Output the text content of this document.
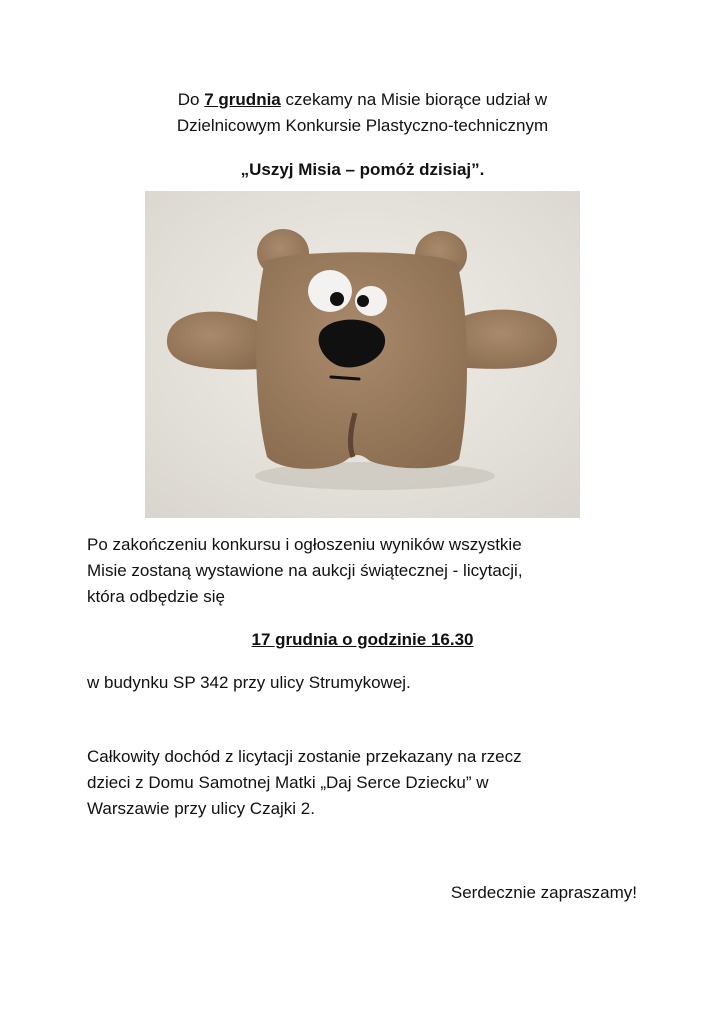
Do 7 grudnia czekamy na Misie biorące udział w
Dzielnicowym Konkursie Plastyczno-technicznym
„Uszyj Misia – pomóż dzisiaj”.
Po zakończeniu konkursu i ogłoszeniu wyników wszystkie
Misie zostaną wystawione na aukcji świątecznej - licytacji,
która odbędzie się
17 grudnia o godzinie 16.30
w budynku SP 342 przy ulicy Strumykowej.
Całkowity dochód z licytacji zostanie przekazany na rzecz
dzieci z Domu Samotnej Matki „Daj Serce Dziecku” w
Warszawie przy ulicy Czajki 2.
Serdecznie zapraszamy!
